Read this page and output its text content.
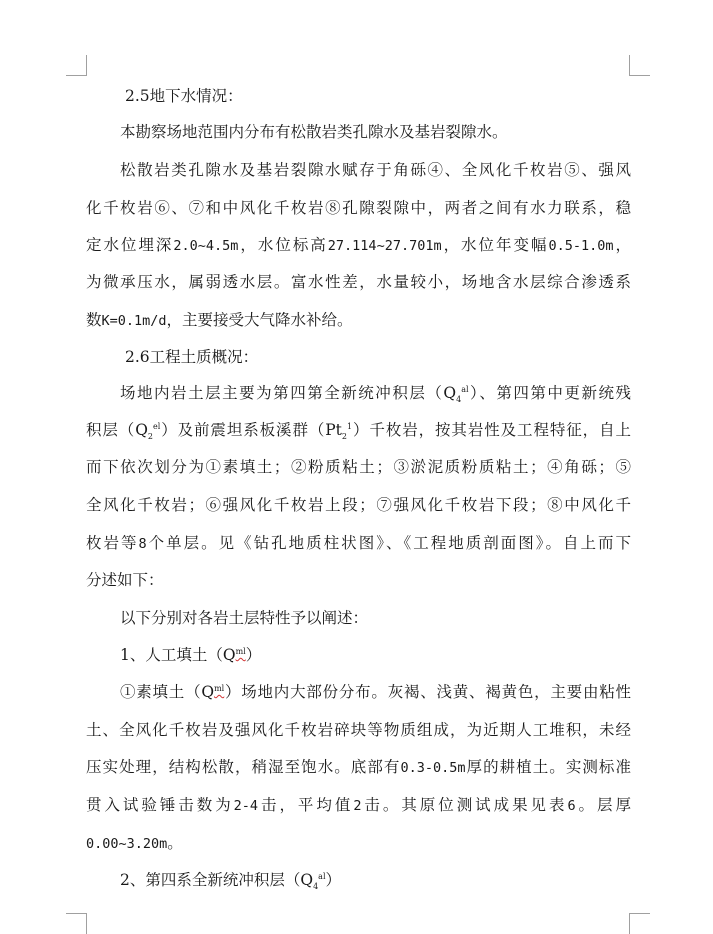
2.5地下水情况：
本勘察场地范围内分布有松散岩类孔隙水及基岩裂隙水。
松散岩类孔隙水及基岩裂隙水赋存于角砾④、全风化千枚岩⑤、强风
化千枚岩⑥、⑦和中风化千枚岩⑧孔隙裂隙中，两者之间有水力联系，稳
定水位埋深2.0~4.5m，水位标高27.114~27.701m，水位年变幅0.5-1.0m，
为微承压水，属弱透水层。富水性差，水量较小，场地含水层综合渗透系
数K=0.1m/d，主要接受大气降水补给。
2.6工程土质概况：
场地内岩土层主要为第四第全新统冲积层$(Q_4^{al})$、第四第中更新统残
积层$(Q_2^{el})$及前震坦系板溪群$(Pt_2^1)$千枚岩，按其岩性及工程特征，自上
而下依次划分为①素填土；②粉质粘土；③淤泥质粉质粘土；④角砾；⑤
全风化千枚岩；⑥强风化千枚岩上段；⑦强风化千枚岩下段；⑧中风化千
枚岩等8个单层。见《钻孔地质柱状图》、《工程地质剖面图》。自上而下
分述如下：
以下分别对各岩土层特性予以阐述：
1、人工填土$(Q^{ml})$
①素填土$(Q^{ml})$场地内大部份分布。灰褐、浅黄、褐黄色，主要由粘性
土、全风化千枚岩及强风化千枚岩碎块等物质组成，为近期人工堆积，未经
压实处理，结构松散，稍湿至饱水。底部有0.3-0.5m厚的耕植土。实测标准
贯入试验锤击数为2-4击，平均值2击。其原位测试成果见表6。层厚
0.00~3.20m。
2、第四系全新统冲积层$(Q_4^{al})$
